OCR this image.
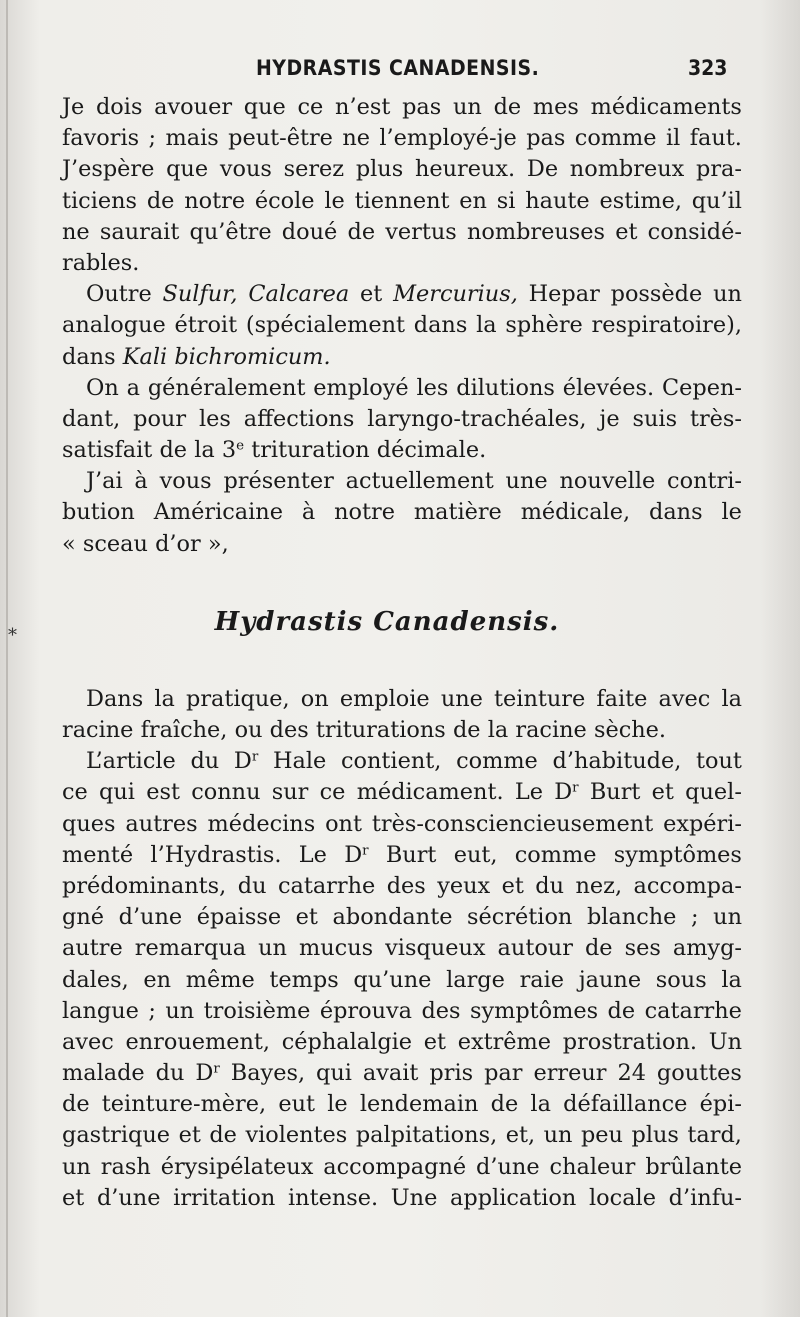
HYDRASTIS CANADENSIS.	323
*
Je dois avouer que ce n’est pas un de mes médicaments
favoris ; mais peut-être ne l’employé-je pas comme il faut.
J’espère que vous serez plus heureux. De nombreux pra-
ticiens de notre école le tiennent en si haute estime, qu’il
ne saurait qu’être doué de vertus nombreuses et considé-
rables.
Outre Sulfur, Calcarea et Mercurius, Hepar possède un
analogue étroit (spécialement dans la sphère respiratoire),
dans Kali bichromicum.
On a généralement employé les dilutions élevées. Cepen-
dant, pour les affections laryngo-trachéales, je suis très-
satisfait de la 3e trituration décimale.
J’ai à vous présenter actuellement une nouvelle contri-
bution Américaine à notre matière médicale, dans le
« sceau d’or »,
Hydrastis Canadensis.
Dans la pratique, on emploie une teinture faite avec la
racine fraîche, ou des triturations de la racine sèche.
L’article du $D^r$ Hale contient, comme d’habitude, tout
ce qui est connu sur ce médicament. Le $D^r$ Burt et quel-
ques autres médecins ont très-consciencieusement expéri-
menté l’Hydrastis. Le $D^r$ Burt eut, comme symptômes
prédominants, du catarrhe des yeux et du nez, accompa-
gné d’une épaisse et abondante sécrétion blanche ; un
autre remarqua un mucus visqueux autour de ses amyg-
dales, en même temps qu’une large raie jaune sous la
langue ; un troisième éprouva des symptômes de catarrhe
avec enrouement, céphalalgie et extrême prostration. Un
malade du $D^r$ Bayes, qui avait pris par erreur 24 gouttes
de teinture-mère, eut le lendemain de la défaillance épi-
gastrique et de violentes palpitations, et, un peu plus tard,
un rash érysipélateux accompagné d’une chaleur brûlante
et d’une irritation intense. Une application locale d’infu-
